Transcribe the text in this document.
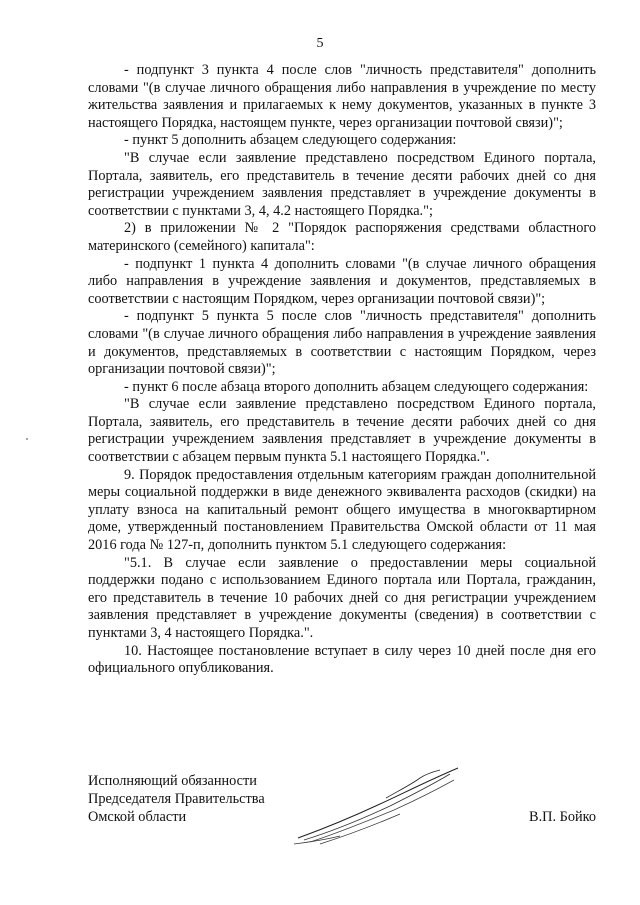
5

- подпункт 3 пункта 4 после слов "личность представителя" дополнить словами "(в случае личного обращения либо направления в учреждение по месту жительства заявления и прилагаемых к нему документов, указанных в пункте 3 настоящего Порядка, настоящем пункте, через организации почтовой связи)";

- пункт 5 дополнить абзацем следующего содержания:

"В случае если заявление представлено посредством Единого портала, Портала, заявитель, его представитель в течение десяти рабочих дней со дня регистрации учреждением заявления представляет в учреждение документы в соответствии с пунктами 3, 4, 4.2 настоящего Порядка.";

2) в приложении № 2 "Порядок распоряжения средствами областного материнского (семейного) капитала":

- подпункт 1 пункта 4 дополнить словами "(в случае личного обращения либо направления в учреждение заявления и документов, представляемых в соответствии с настоящим Порядком, через организации почтовой связи)";

- подпункт 5 пункта 5 после слов "личность представителя" дополнить словами "(в случае личного обращения либо направления в учреждение заявления и документов, представляемых в соответствии с настоящим Порядком, через организации почтовой связи)";

- пункт 6 после абзаца второго дополнить абзацем следующего содержания:

"В случае если заявление представлено посредством Единого портала, Портала, заявитель, его представитель в течение десяти рабочих дней со дня регистрации учреждением заявления представляет в учреждение документы в соответствии с абзацем первым пункта 5.1 настоящего Порядка.".

9. Порядок предоставления отдельным категориям граждан дополнительной меры социальной поддержки в виде денежного эквивалента расходов (скидки) на уплату взноса на капитальный ремонт общего имущества в многоквартирном доме, утвержденный постановлением Правительства Омской области от 11 мая 2016 года № 127-п, дополнить пунктом 5.1 следующего содержания:

"5.1. В случае если заявление о предоставлении меры социальной поддержки подано с использованием Единого портала или Портала, гражданин, его представитель в течение 10 рабочих дней со дня регистрации учреждением заявления представляет в учреждение документы (сведения) в соответствии с пунктами 3, 4 настоящего Порядка.".

10. Настоящее постановление вступает в силу через 10 дней после дня его официального опубликования.

Исполняющий обязанности
Председателя Правительства
Омской области	В.П. Бойко
